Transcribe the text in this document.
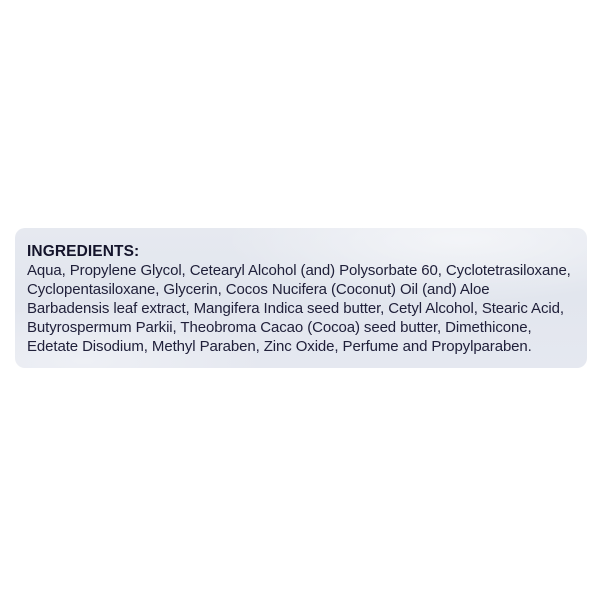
INGREDIENTS:
Aqua, Propylene Glycol, Cetearyl Alcohol (and) Polysorbate 60, Cyclotetrasiloxane,
Cyclopentasiloxane, Glycerin, Cocos Nucifera (Coconut) Oil (and) Aloe
Barbadensis leaf extract, Mangifera Indica seed butter, Cetyl Alcohol, Stearic Acid,
Butyrospermum Parkii, Theobroma Cacao (Cocoa) seed butter, Dimethicone,
Edetate Disodium, Methyl Paraben, Zinc Oxide, Perfume and Propylparaben.
